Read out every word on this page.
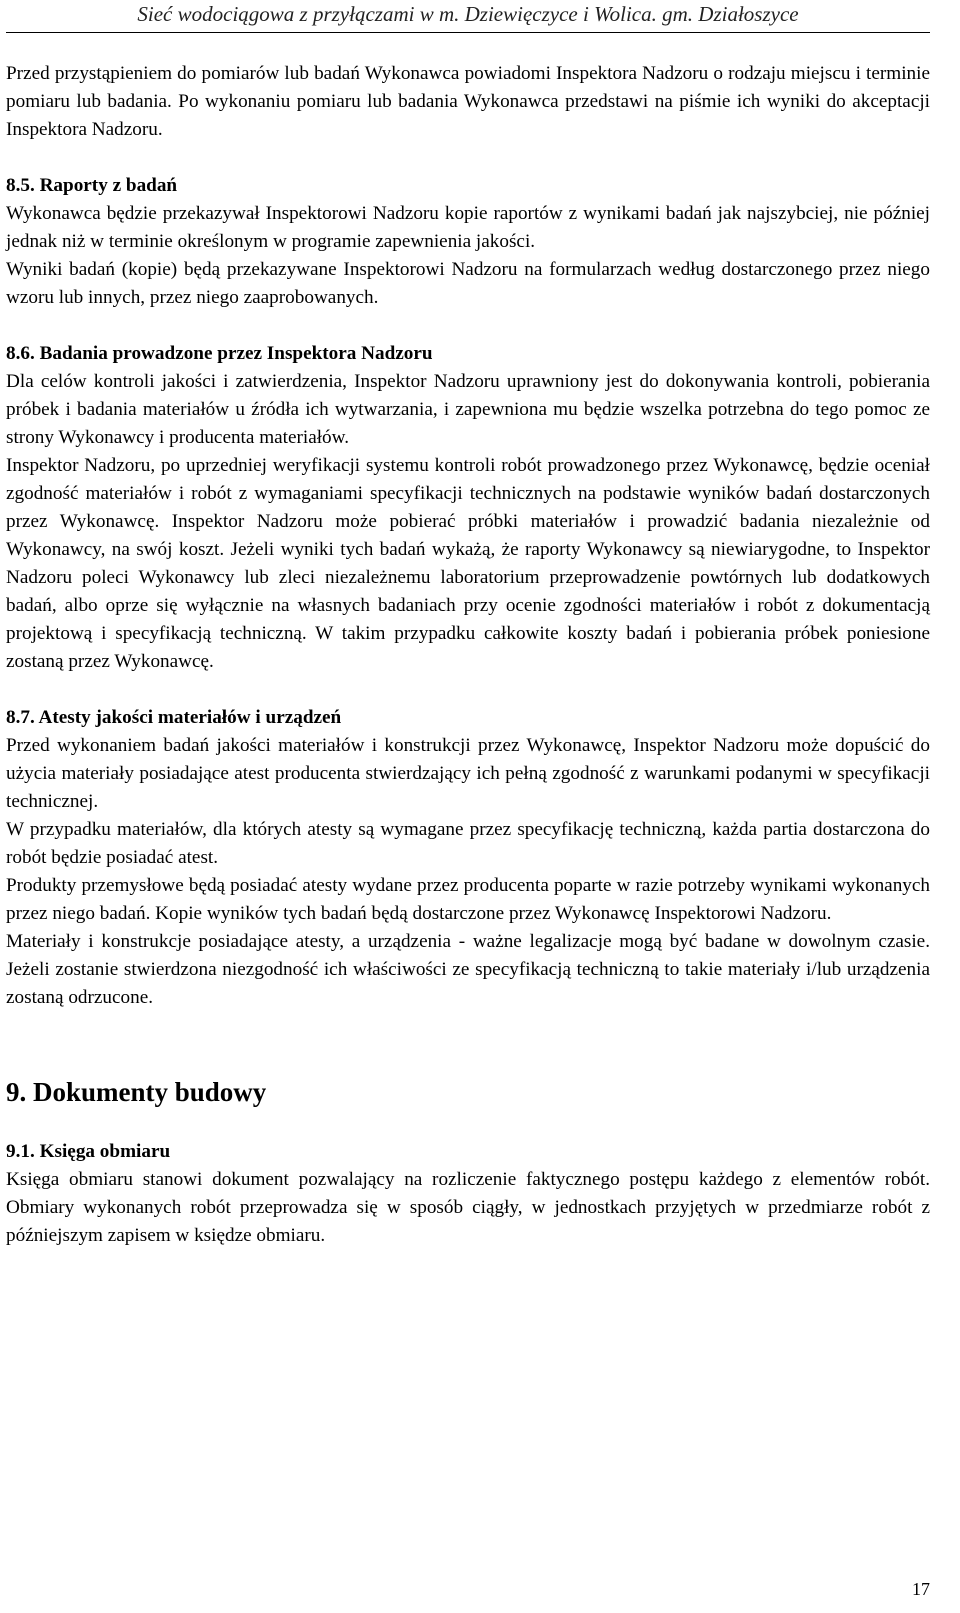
Sieć wodociągowa z przyłączami w m. Dziewięczyce i Wolica. gm. Działoszyce

Przed przystąpieniem do pomiarów lub badań Wykonawca powiadomi Inspektora Nadzoru o rodzaju miejscu i terminie pomiaru lub badania. Po wykonaniu pomiaru lub badania Wykonawca przedstawi na piśmie ich wyniki do akceptacji Inspektora Nadzoru.

8.5. Raporty z badań

Wykonawca będzie przekazywał Inspektorowi Nadzoru kopie raportów z wynikami badań jak najszybciej, nie później jednak niż w terminie określonym w programie zapewnienia jakości.

Wyniki badań (kopie) będą przekazywane Inspektorowi Nadzoru na formularzach według dostarczonego przez niego wzoru lub innych, przez niego zaaprobowanych.

8.6. Badania prowadzone przez Inspektora Nadzoru

Dla celów kontroli jakości i zatwierdzenia, Inspektor Nadzoru uprawniony jest do dokonywania kontroli, pobierania próbek i badania materiałów u źródła ich wytwarzania, i zapewniona mu będzie wszelka potrzebna do tego pomoc ze strony Wykonawcy i producenta materiałów.

Inspektor Nadzoru, po uprzedniej weryfikacji systemu kontroli robót prowadzonego przez Wykonawcę, będzie oceniał zgodność materiałów i robót z wymaganiami specyfikacji technicznych na podstawie wyników badań dostarczonych przez Wykonawcę. Inspektor Nadzoru może pobierać próbki materiałów i prowadzić badania niezależnie od Wykonawcy, na swój koszt. Jeżeli wyniki tych badań wykażą, że raporty Wykonawcy są niewiarygodne, to Inspektor Nadzoru poleci Wykonawcy lub zleci niezależnemu laboratorium przeprowadzenie powtórnych lub dodatkowych badań, albo oprze się wyłącznie na własnych badaniach przy ocenie zgodności materiałów i robót z dokumentacją projektową i specyfikacją techniczną. W takim przypadku całkowite koszty badań i pobierania próbek poniesione zostaną przez Wykonawcę.

8.7. Atesty jakości materiałów i urządzeń

Przed wykonaniem badań jakości materiałów i konstrukcji przez Wykonawcę, Inspektor Nadzoru może dopuścić do użycia materiały posiadające atest producenta stwierdzający ich pełną zgodność z warunkami podanymi w specyfikacji technicznej.

W przypadku materiałów, dla których atesty są wymagane przez specyfikację techniczną, każda partia dostarczona do robót będzie posiadać atest.

Produkty przemysłowe będą posiadać atesty wydane przez producenta poparte w razie potrzeby wynikami wykonanych przez niego badań. Kopie wyników tych badań będą dostarczone przez Wykonawcę Inspektorowi Nadzoru.

Materiały i konstrukcje posiadające atesty, a urządzenia - ważne legalizacje mogą być badane w dowolnym czasie. Jeżeli zostanie stwierdzona niezgodność ich właściwości ze specyfikacją techniczną to takie materiały i/lub urządzenia zostaną odrzucone.

9. Dokumenty budowy
9.1. Księga obmiaru

Księga obmiaru stanowi dokument pozwalający na rozliczenie faktycznego postępu każdego z elementów robót. Obmiary wykonanych robót przeprowadza się w sposób ciągły, w jednostkach przyjętych w przedmiarze robót z późniejszym zapisem w księdze obmiaru.

17
